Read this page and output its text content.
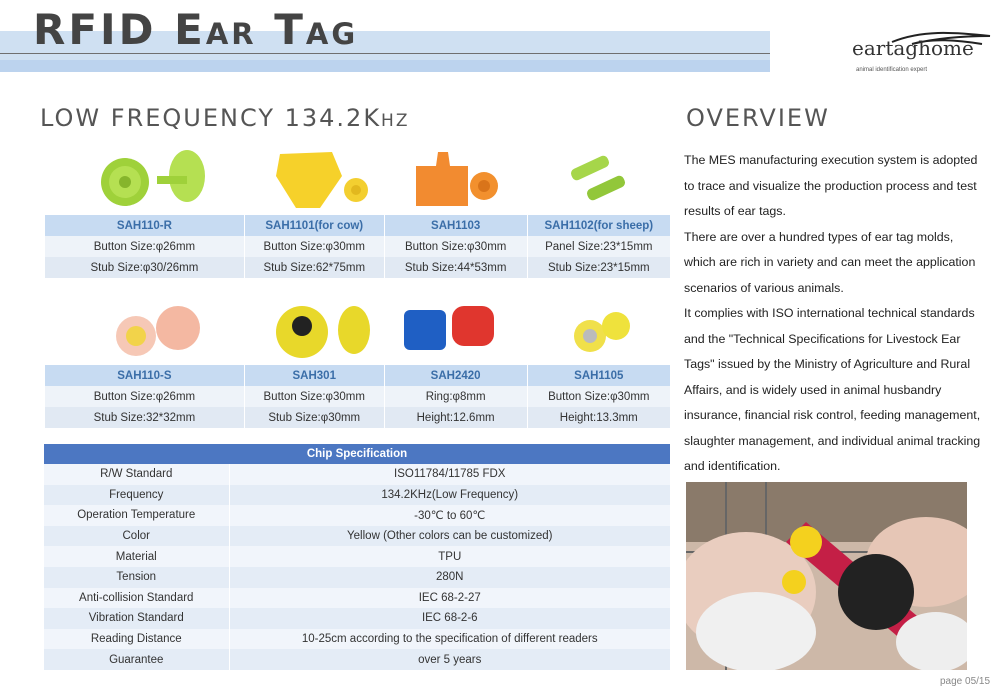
RFID Ear Tag	eartaghome
animal identification expert
LOW FREQUENCY 134.2Khz	OVERVIEW
SAH110-R	SAH1101(for cow)	SAH1103	SAH1102(for sheep)
Button Size:φ26mm	Button Size:φ30mm	Button Size:φ30mm	Panel Size:23*15mm
Stub Size:φ30/26mm	Stub Size:62*75mm	Stub Size:44*53mm	Stub Size:23*15mm
SAH110-S	SAH301	SAH2420	SAH1105
Button Size:φ26mm	Button Size:φ30mm	Ring:φ8mm	Button Size:φ30mm
Stub Size:32*32mm	Stub Size:φ30mm	Height:12.6mm	Height:13.3mm
Chip Specification	
R/W Standard	ISO11784/11785 FDX
Frequency	134.2KHz(Low Frequency)
Operation Temperature	-30℃ to 60℃
Color	Yellow (Other colors can be customized)
Material	TPU
Tension	280N
Anti-collision Standard	IEC 68-2-27
Vibration Standard	IEC 68-2-6
Reading Distance	10-25cm according to the specification of different readers
Guarantee	over 5 years

The MES manufacturing execution system is adopted to trace and visualize the production process and test results of ear tags.

There are over a hundred types of ear tag molds, which are rich in variety and can meet the application scenarios of various animals.

It complies with ISO international technical standards and the "Technical Specifications for Livestock Ear Tags" issued by the Ministry of Agriculture and Rural Affairs, and is widely used in animal husbandry insurance, financial risk control, feeding management, slaughter management, and individual animal tracking and identification.

page 05/15
